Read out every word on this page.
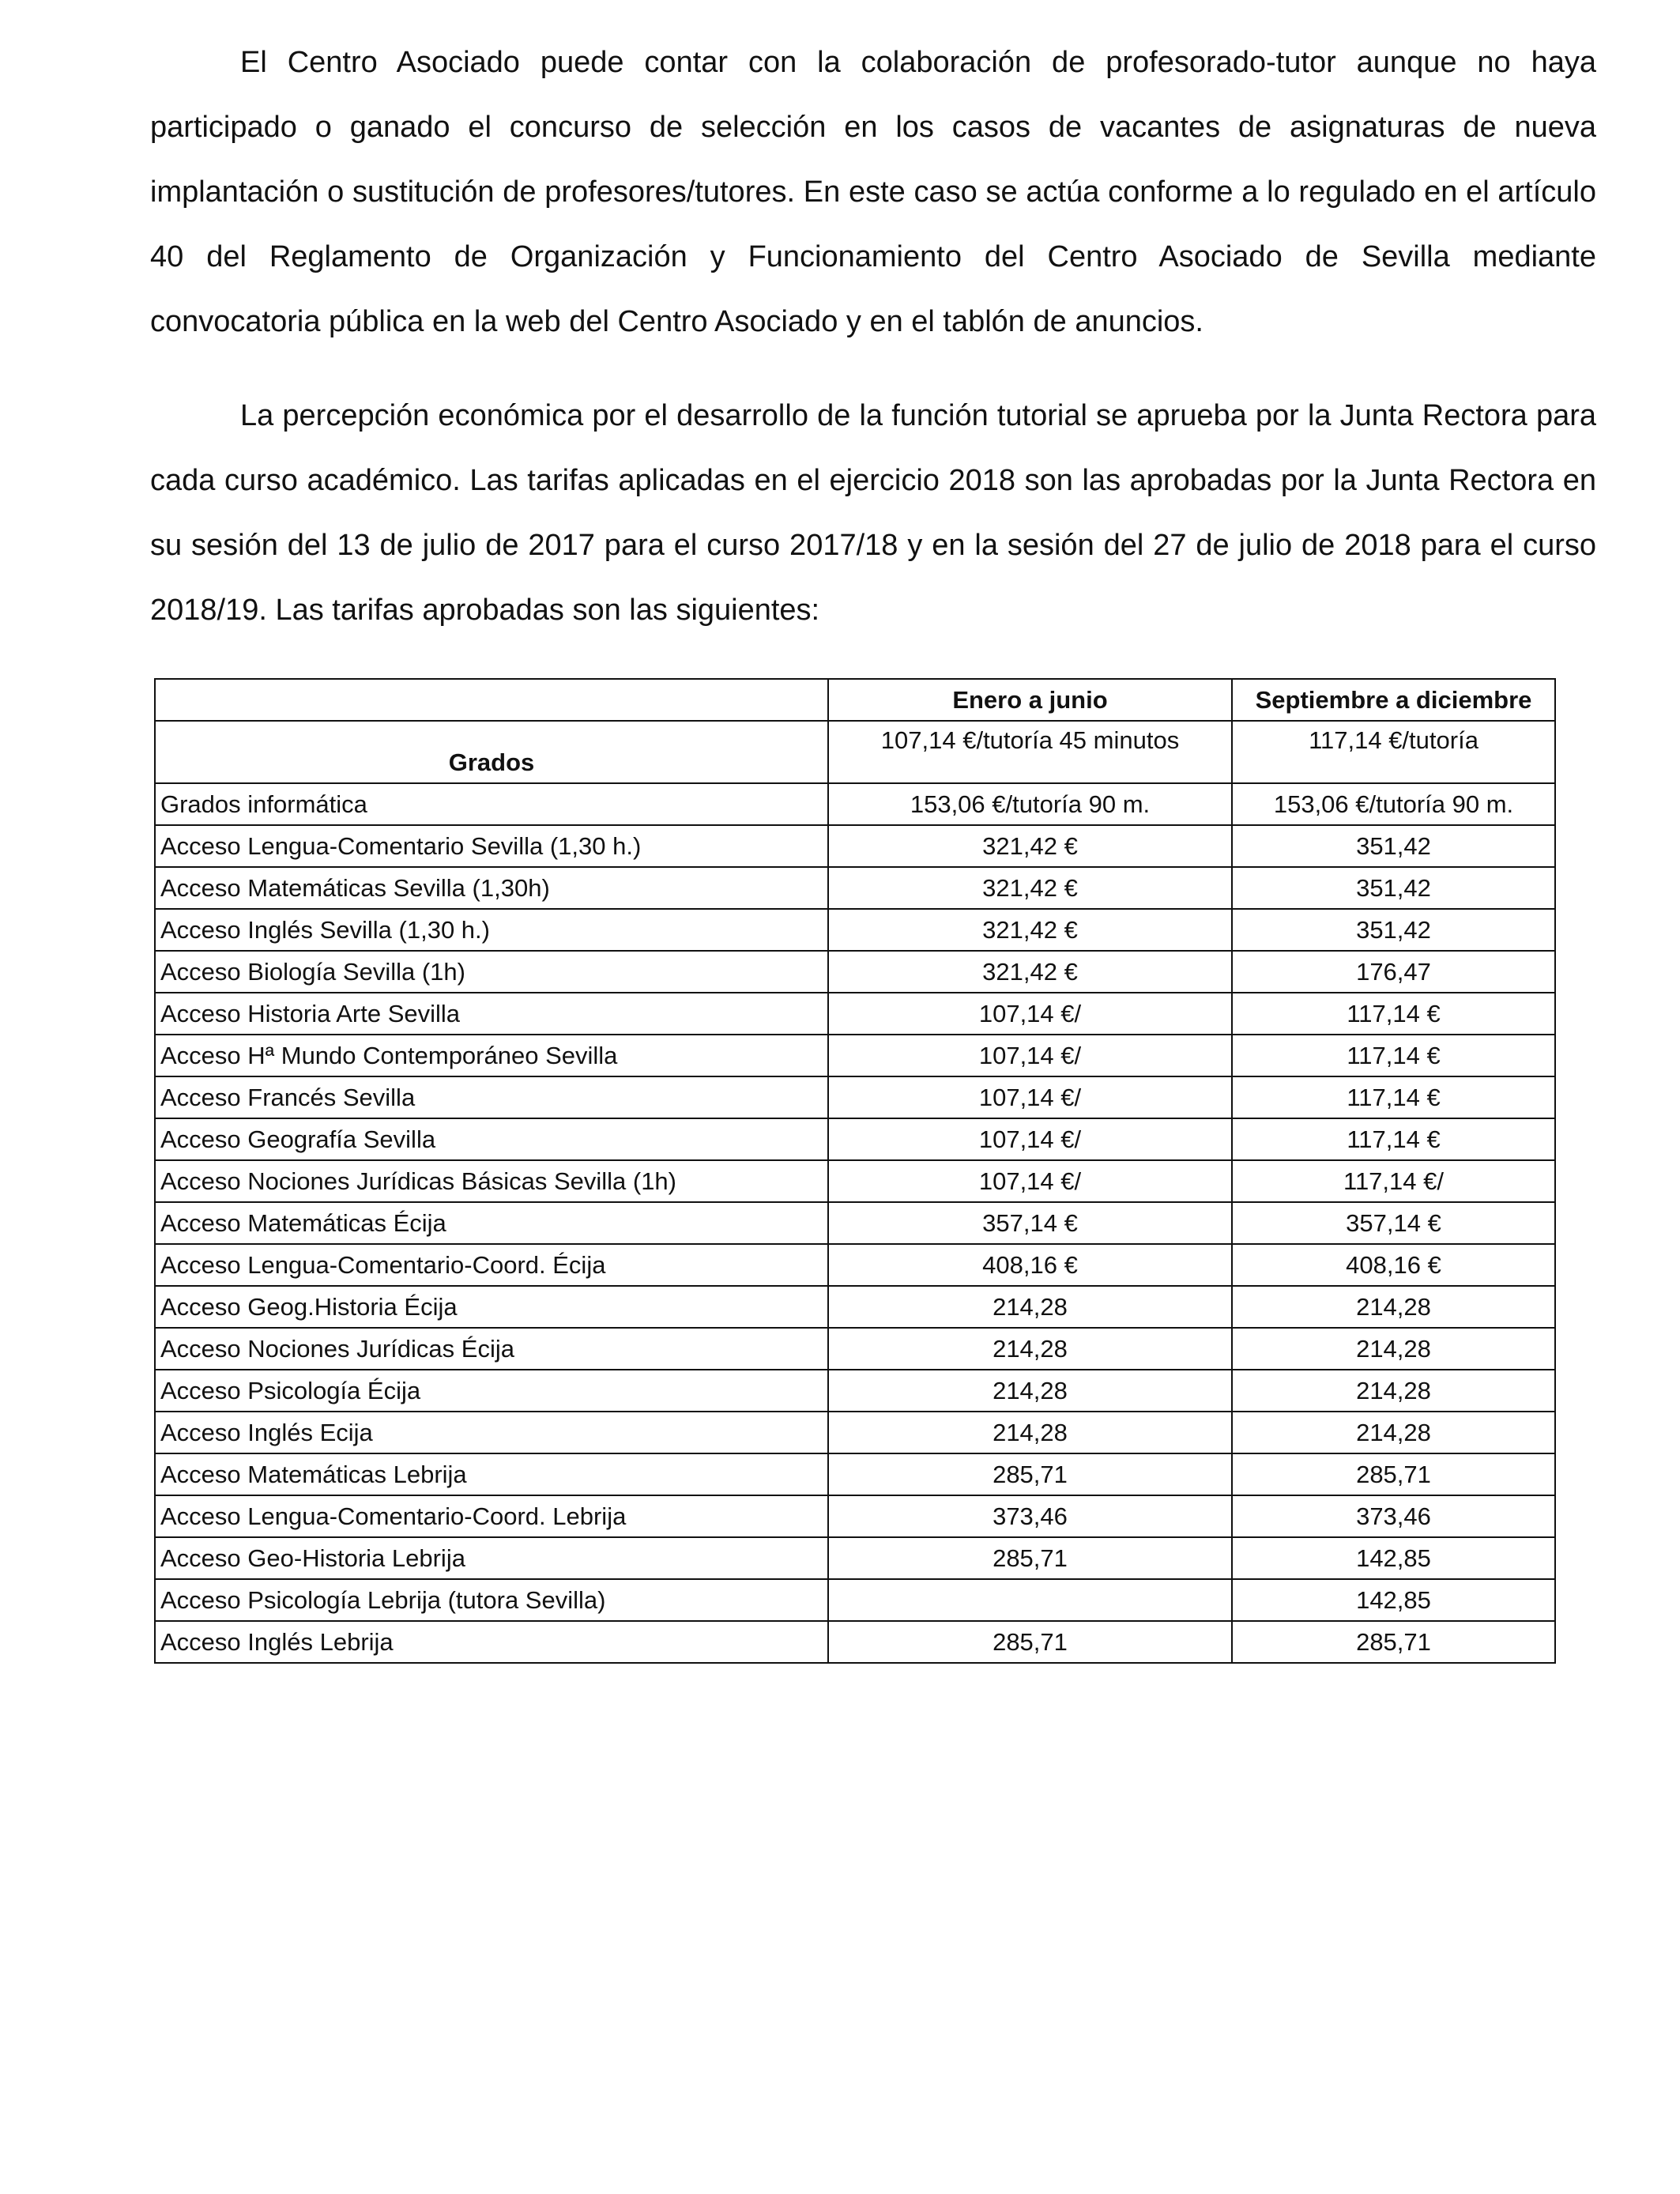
El Centro Asociado puede contar con la colaboración de profesorado-tutor aunque no haya participado o ganado el concurso de selección en los casos de vacantes de asignaturas de nueva implantación o sustitución de profesores/tutores. En este caso se actúa conforme a lo regulado en el artículo 40 del Reglamento de Organización y Funcionamiento del Centro Asociado de Sevilla mediante convocatoria pública en la web del Centro Asociado y en el tablón de anuncios.

La percepción económica por el desarrollo de la función tutorial se aprueba por la Junta Rectora para cada curso académico. Las tarifas aplicadas en el ejercicio 2018 son las aprobadas por la Junta Rectora en su sesión del 13 de julio de 2017 para el curso 2017/18 y en la sesión del 27 de julio de 2018 para el curso 2018/19. Las tarifas aprobadas son las siguientes:

	Enero a junio	Septiembre a diciembre
Grados	107,14 €/tutoría 45 minutos	117,14 €/tutoría
Grados informática	153,06 €/tutoría 90 m.	153,06 €/tutoría 90 m.
Acceso Lengua-Comentario Sevilla (1,30 h.)	321,42 €	351,42
Acceso Matemáticas Sevilla (1,30h)	321,42 €	351,42
Acceso Inglés Sevilla (1,30 h.)	321,42 €	351,42
Acceso Biología Sevilla (1h)	321,42 €	176,47
Acceso Historia Arte Sevilla	107,14 €/	117,14 €
Acceso Hª Mundo Contemporáneo Sevilla	107,14 €/	117,14 €
Acceso Francés Sevilla	107,14 €/	117,14 €
Acceso Geografía Sevilla	107,14 €/	117,14 €
Acceso Nociones Jurídicas Básicas Sevilla (1h)	107,14 €/	117,14 €/
Acceso Matemáticas Écija	357,14 €	357,14 €
Acceso Lengua-Comentario-Coord. Écija	408,16 €	408,16 €
Acceso Geog.Historia Écija	214,28	214,28
Acceso Nociones Jurídicas Écija	214,28	214,28
Acceso Psicología Écija	214,28	214,28
Acceso Inglés Ecija	214,28	214,28
Acceso Matemáticas Lebrija	285,71	285,71
Acceso Lengua-Comentario-Coord. Lebrija	373,46	373,46
Acceso Geo-Historia Lebrija	285,71	142,85
Acceso Psicología Lebrija (tutora Sevilla)		142,85
Acceso Inglés Lebrija	285,71	285,71
